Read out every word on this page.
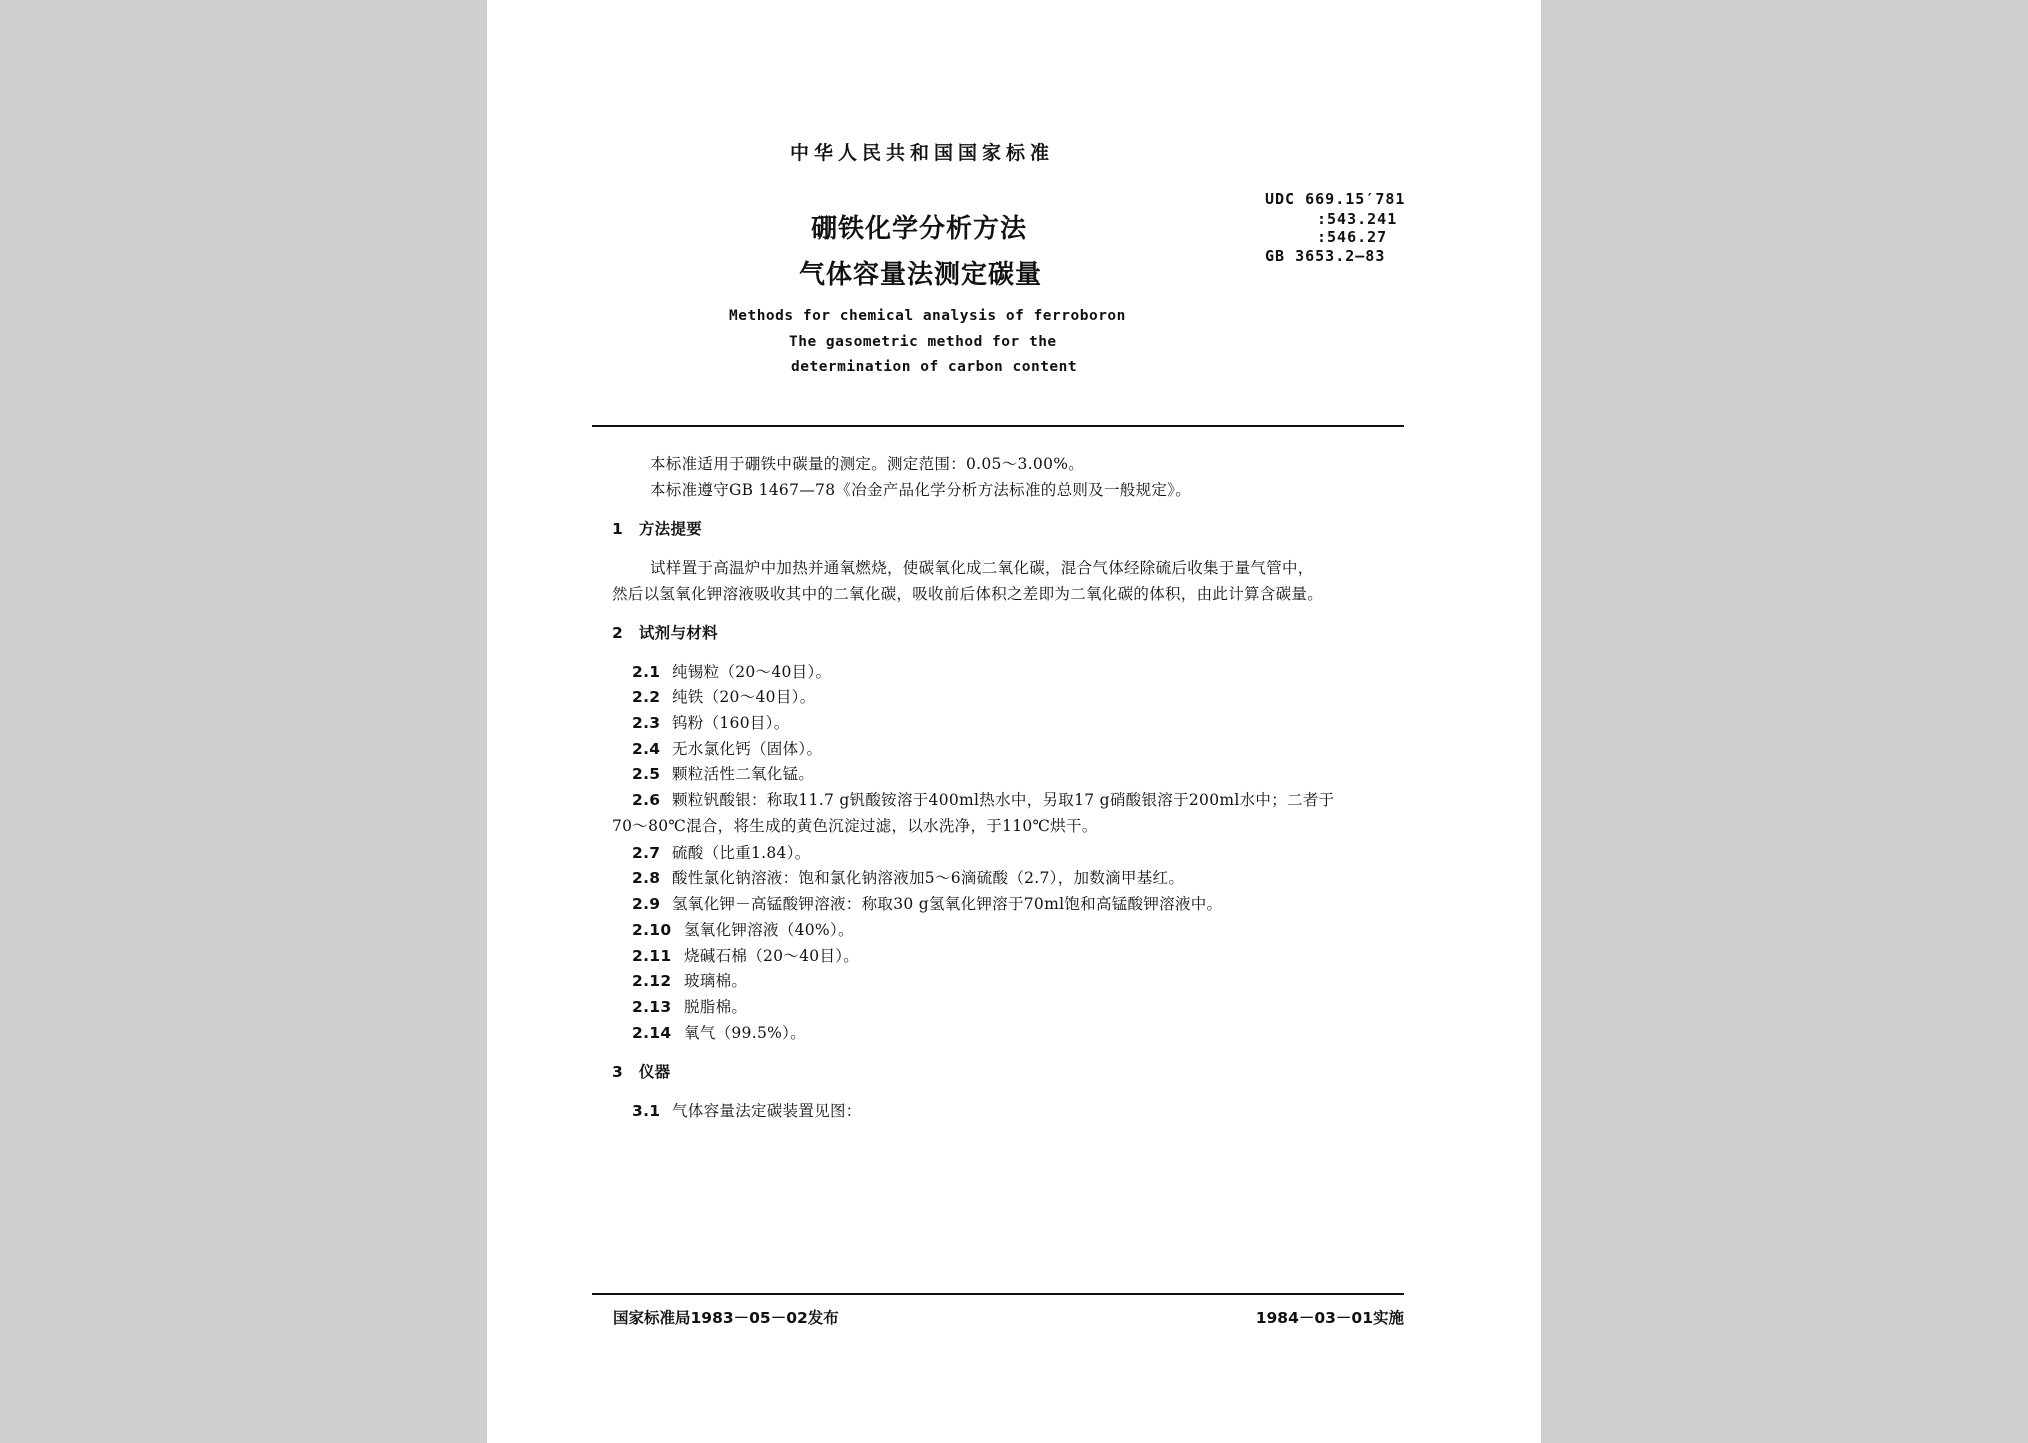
中华人民共和国国家标准
硼铁化学分析方法
气体容量法测定碳量
UDC 669.15′781
:543.241
:546.27
GB 3653.2—83
Methods for chemical analysis of ferroboron
The gasometric method for the
determination of carbon content
本标准适用于硼铁中碳量的测定。测定范围：0.05～3.00%。
本标准遵守GB 1467—78《冶金产品化学分析方法标准的总则及一般规定》。
1　方法提要
试样置于高温炉中加热并通氧燃烧，使碳氧化成二氧化碳，混合气体经除硫后收集于量气管中，
然后以氢氧化钾溶液吸收其中的二氧化碳，吸收前后体积之差即为二氧化碳的体积，由此计算含碳量。
2　试剂与材料
2.1 纯锡粒（20～40目）。
2.2 纯铁（20～40目）。
2.3 钨粉（160目）。
2.4 无水氯化钙（固体）。
2.5 颗粒活性二氧化锰。
2.6 颗粒钒酸银：称取11.7 g钒酸铵溶于400ml热水中，另取17 g硝酸银溶于200ml水中；二者于
70～80℃混合，将生成的黄色沉淀过滤，以水洗净，于110℃烘干。
2.7 硫酸（比重1.84）。
2.8 酸性氯化钠溶液：饱和氯化钠溶液加5～6滴硫酸（2.7），加数滴甲基红。
2.9 氢氧化钾－高锰酸钾溶液：称取30 g氢氧化钾溶于70ml饱和高锰酸钾溶液中。
2.10 氢氧化钾溶液（40%）。
2.11 烧碱石棉（20～40目）。
2.12 玻璃棉。
2.13 脱脂棉。
2.14 氧气（99.5%）。
3　仪器
3.1 气体容量法定碳装置见图：
国家标准局1983－05－02发布	1984－03－01实施
